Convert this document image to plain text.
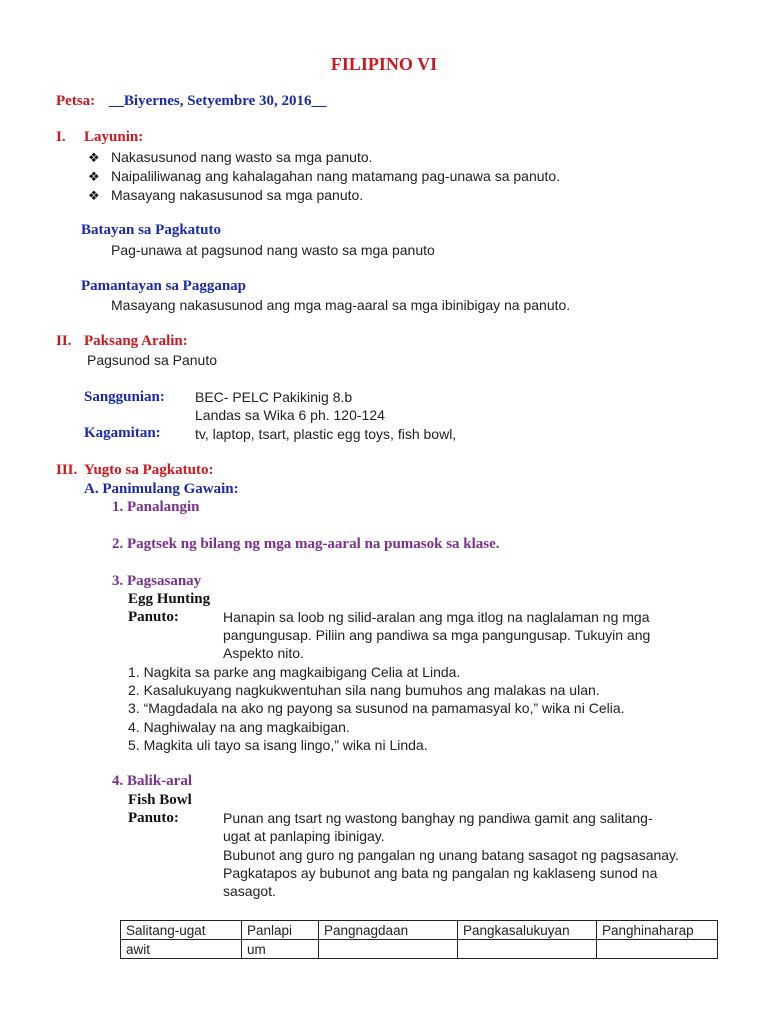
FILIPINO VI
Petsa: __Biyernes, Setyembre 30, 2016__
I. Layunin:
❖ Nakasusunod nang wasto sa mga panuto.
❖ Naipaliliwanag ang kahalagahan nang matamang pag-unawa sa panuto.
❖ Masayang nakasusunod sa mga panuto.
Batayan sa Pagkatuto
Pag-unawa at pagsunod nang wasto sa mga panuto
Pamantayan sa Pagganap
Masayang nakasusunod ang mga mag-aaral sa mga ibinibigay na panuto.
II. Paksang Aralin:
Pagsunod sa Panuto
Sanggunian: BEC- PELC Pakikinig 8.b
Landas sa Wika 6 ph. 120-124
Kagamitan: tv, laptop, tsart, plastic egg toys, fish bowl,
III. Yugto sa Pagkatuto:
A. Panimulang Gawain:
1. Panalangin
2. Pagtsek ng bilang ng mga mag-aaral na pumasok sa klase.
3. Pagsasanay
Egg Hunting
Panuto:	Hanapin sa loob ng silid-aralan ang mga itlog na naglalaman ng mga
pangungusap. Piliin ang pandiwa sa mga pangungusap. Tukuyin ang
Aspekto nito.
1. Nagkita sa parke ang magkaibigang Celia at Linda.
2. Kasalukuyang nagkukwentuhan sila nang bumuhos ang malakas na ulan.
3. “Magdadala na ako ng payong sa susunod na pamamasyal ko,” wika ni Celia.
4. Naghiwalay na ang magkaibigan.
5. Magkita uli tayo sa isang lingo,” wika ni Linda.
4. Balik-aral
Fish Bowl
Panuto:	Punan ang tsart ng wastong banghay ng pandiwa gamit ang salitang-
ugat at panlaping ibinigay.
Bubunot ang guro ng pangalan ng unang batang sasagot ng pagsasanay.
Pagkatapos ay bubunot ang bata ng pangalan ng kaklaseng sunod na
sasagot.
Salitang-ugat	Panlapi	Pangnagdaan	Pangkasalukuyan	Panghinaharap
awit	um			
